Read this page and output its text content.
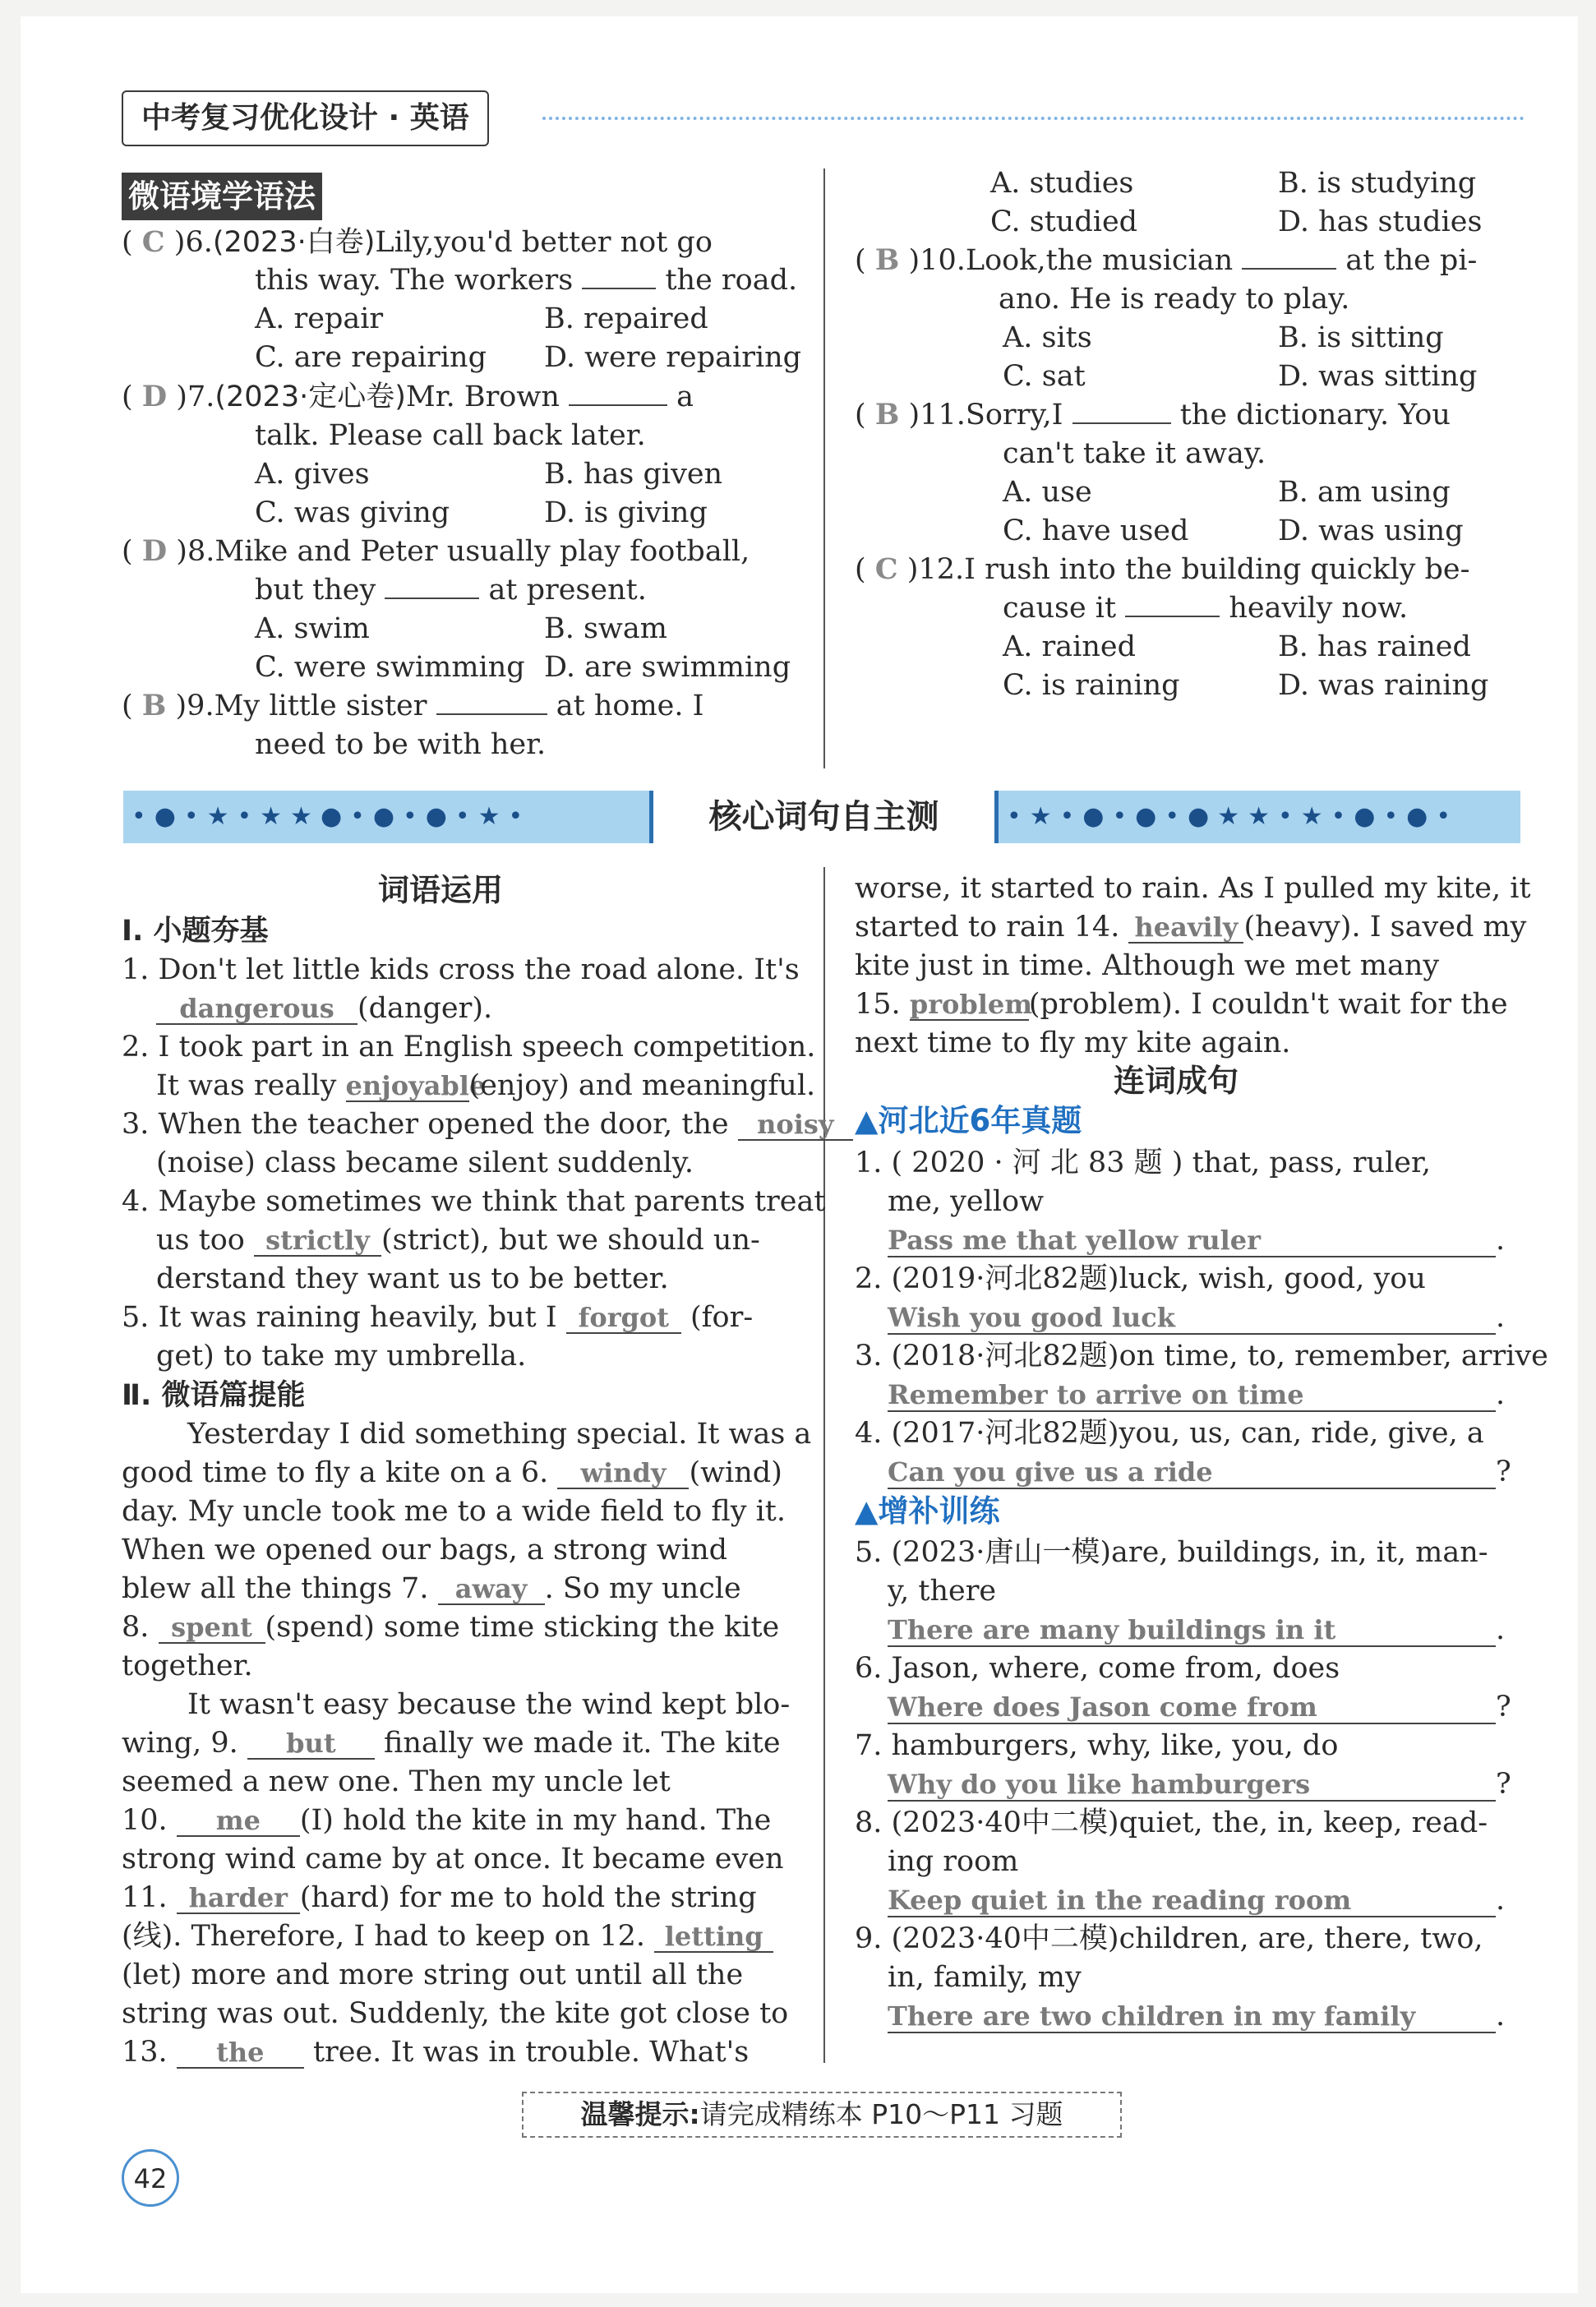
中考复习优化设计 · 英语
微语境学语法
( C )6.(2023·白卷)Lily,you'd better not go
this way. The workers	the road.
A. repair	B. repaired
C. are repairing D. were repairing
( D )7.(2023·定心卷)Mr. Brown	a
talk. Please call back later.
A. gives	B. has given
C. was giving	D. is giving
( D )8.Mike and Peter usually play football,
but they	at present.
A. swim	B. swam
C. were swimming D. are swimming
( B )9.My little sister	at home. I
need to be with her.
A. studies	B. is studying
C. studied	D. has studies
( B )10.Look,the musician	at the pi-
ano. He is ready to play.
A. sits	B. is sitting
C. sat	D. was sitting
( B )11.Sorry,I	the dictionary. You
can't take it away.
A. use	B. am using
C. have used	D. was using
( C )12.I rush into the building quickly be-
cause it	heavily now.
A. rained	B. has rained
C. is raining	D. was raining
•●•★•★★●•●•●•★•	•★•●•●•●★★•★•●•●•
核心词句自主测
词语运用
Ⅰ. 小题夯基
1. Don't let little kids cross the road alone. It's
dangerous (danger).
2. I took part in an English speech competition.
It was really enjoyable(enjoy) and meaningful.
3. When the teacher opened the door, the noisy
(noise) class became silent suddenly.
4. Maybe sometimes we think that parents treat
us too strictly (strict), but we should un-
derstand they want us to be better.
5. It was raining heavily, but I forgot (for-
get) to take my umbrella.
Ⅱ. 微语篇提能
Yesterday I did something special. It was a
good time to fly a kite on a 6. windy (wind)
day. My uncle took me to a wide field to fly it.
When we opened our bags, a strong wind
blew all the things 7. away . So my uncle
8. spent (spend) some time sticking the kite
together.
It wasn't easy because the wind kept blo-
wing, 9. but finally we made it. The kite
seemed a new one. Then my uncle let
10. me (I) hold the kite in my hand. The
strong wind came by at once. It became even
11. harder (hard) for me to hold the string
(线). Therefore, I had to keep on 12. letting
(let) more and more string out until all the
string was out. Suddenly, the kite got close to
13. the tree. It was in trouble. What's
worse, it started to rain. As I pulled my kite, it
started to rain 14. heavily (heavy). I saved my
kite just in time. Although we met many
15. problem(problem). I couldn't wait for the
next time to fly my kite again.
连词成句
▲河北近6年真题
1. ( 2020 · 河 北 83 题 ) that, pass, ruler,
me, yellow
Pass me that yellow ruler	.
2. (2019·河北82题)luck, wish, good, you
Wish you good luck	.
3. (2018·河北82题)on time, to, remember, arrive
Remember to arrive on time	.
4. (2017·河北82题)you, us, can, ride, give, a
Can you give us a ride	?
▲增补训练
5. (2023·唐山一模)are, buildings, in, it, man-
y, there
There are many buildings in it	.
6. Jason, where, come from, does
Where does Jason come from	?
7. hamburgers, why, like, you, do
Why do you like hamburgers	?
8. (2023·40中二模)quiet, the, in, keep, read-
ing room
Keep quiet in the reading room	.
9. (2023·40中二模)children, are, there, two,
in, family, my
There are two children in my family	.
温馨提示:请完成精练本 P10～P11 习题
42
